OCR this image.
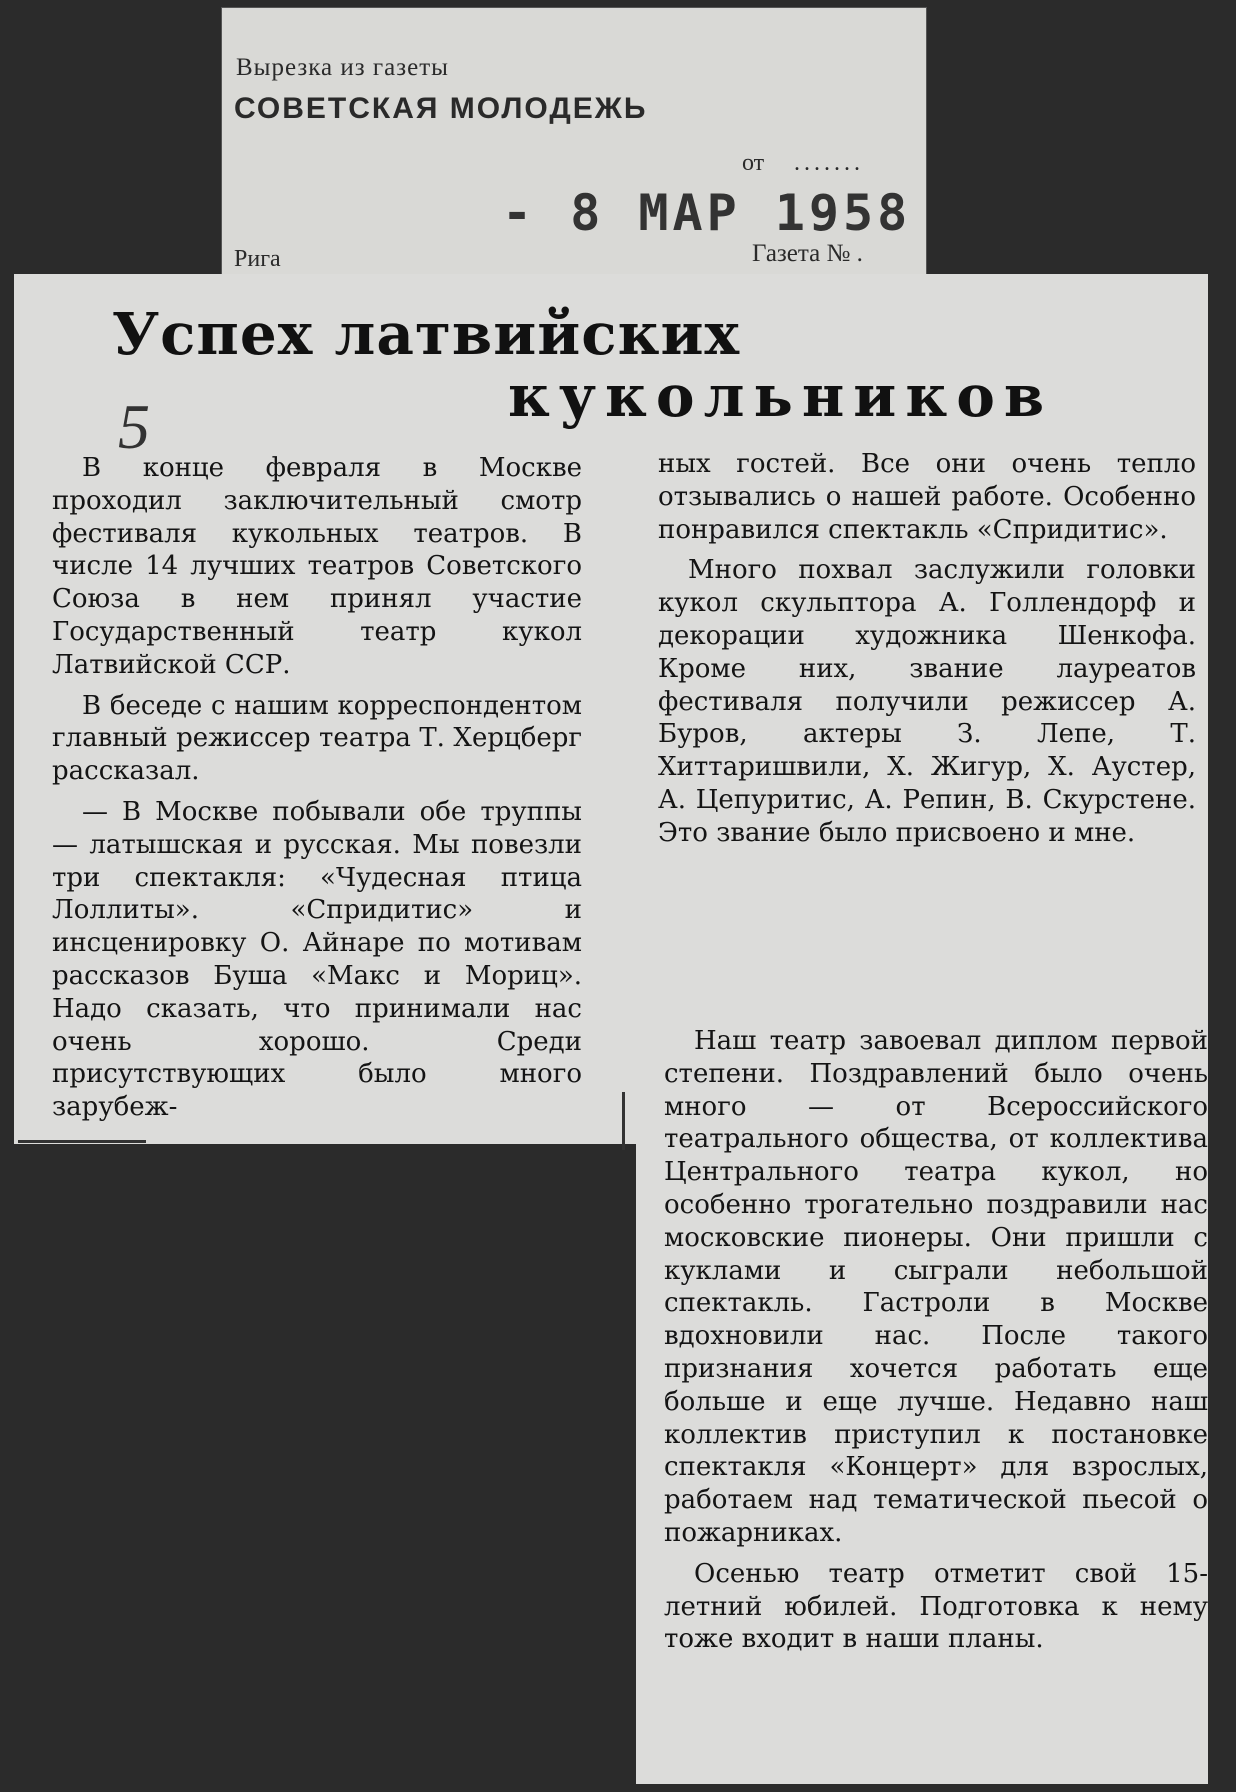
Вырезка из газеты
СОВЕТСКАЯ МОЛОДЕЖЬ
от .......
- 8 МАР 1958
Рига	Газета № .
Успех латвийских
кукольников
5

В конце февраля в Москве проходил заключительный смотр фестиваля кукольных театров. В числе 14 лучших театров Советского Союза в нем принял участие Государственный театр кукол Латвийской ССР.

В беседе с нашим корреспондентом главный режиссер театра Т. Херцберг рассказал.

— В Москве побывали обе труппы — латышская и русская. Мы повезли три спектакля: «Чудесная птица Лоллиты». «Спридитис» и инсценировку О. Айнаре по мотивам рассказов Буша «Макс и Мориц». Надо сказать, что принимали нас очень хорошо. Среди присутствующих было много зарубеж-

ных гостей. Все они очень тепло отзывались о нашей работе. Особенно понравился спектакль «Спридитис».

Много похвал заслужили головки кукол скульптора А. Голлендорф и декорации художника Шенкофа. Кроме них, звание лауреатов фестиваля получили режиссер А. Буров, актеры З. Лепе, Т. Хиттаришвили, Х. Жигур, Х. Аустер, А. Цепуритис, А. Репин, В. Скурстене. Это звание было присвоено и мне.

Наш театр завоевал диплом первой степени. Поздравлений было очень много — от Всероссийского театрального общества, от коллектива Центрального театра кукол, но особенно трогательно поздравили нас московские пионеры. Они пришли с куклами и сыграли небольшой спектакль. Гастроли в Москве вдохновили нас. После такого признания хочется работать еще больше и еще лучше. Недавно наш коллектив приступил к постановке спектакля «Концерт» для взрослых, работаем над тематической пьесой о пожарниках.

Осенью театр отметит свой 15-летний юбилей. Подготовка к нему тоже входит в наши планы.
